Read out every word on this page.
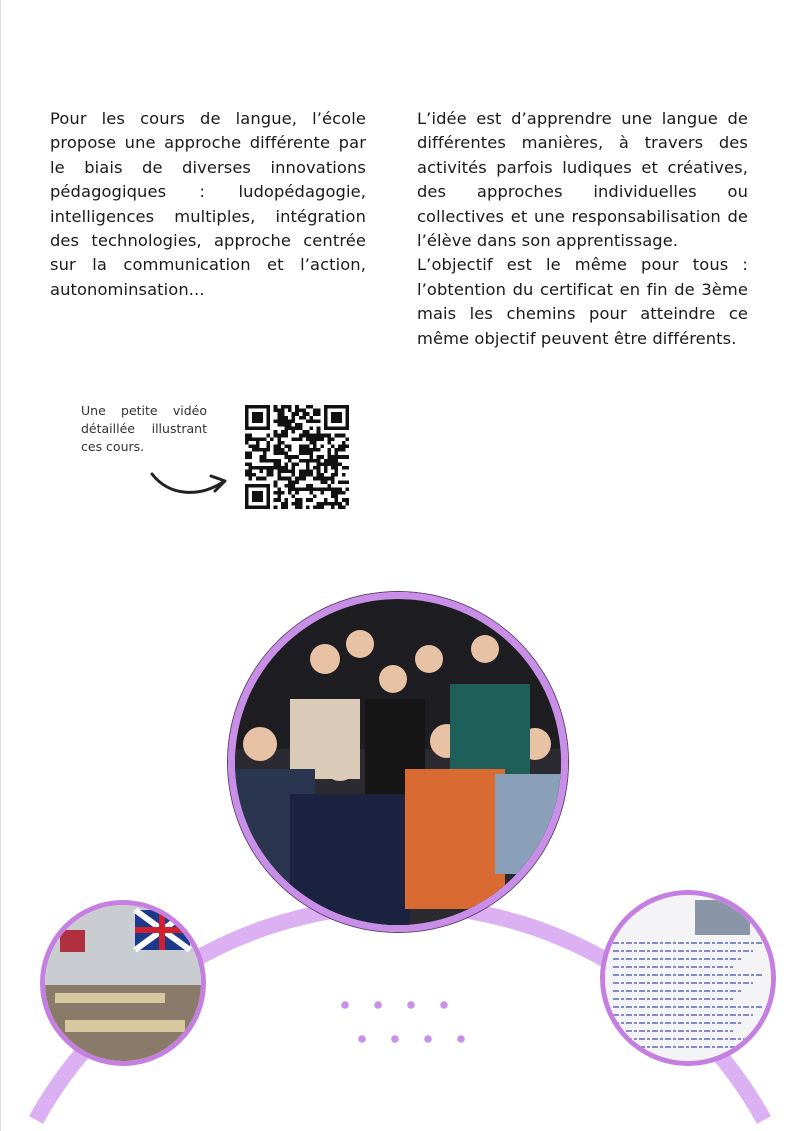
Pour les cours de langue, l’école propose une approche différente par le biais de diverses innovations pédagogiques : ludopédagogie, intelligences multiples, intégration des technologies, approche centrée sur la communication et l’action, autonominsation...

L’idée est d’apprendre une langue de différentes manières, à travers des activités parfois ludiques et créatives, des approches individuelles ou collectives et une responsabilisation de l’élève dans son apprentissage.

L’objectif est le même pour tous : l’obtention du certificat en fin de 3ème mais les chemins pour atteindre ce même objectif peuvent être différents.

Une petite vidéo détaillée illustrant ces cours.
